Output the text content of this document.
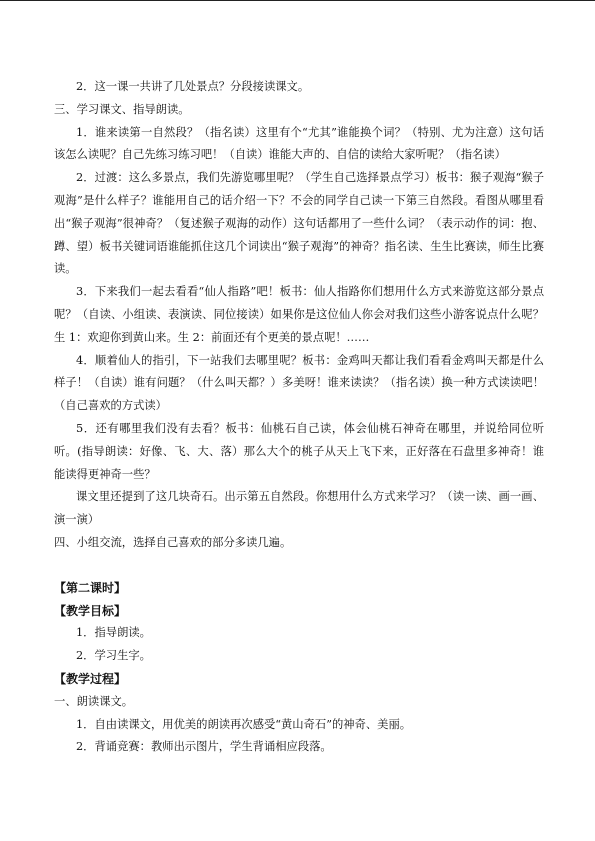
2．这一课一共讲了几处景点？分段接读课文。

三、学习课文、指导朗读。

1．谁来读第一自然段？（指名读）这里有个“尤其”谁能换个词？（特别、尤为注意）这句话该怎么读呢？自己先练习练习吧！（自读）谁能大声的、自信的读给大家听呢？（指名读）

2．过渡：这么多景点，我们先游览哪里呢？（学生自己选择景点学习）板书：猴子观海“猴子观海”是什么样子？谁能用自己的话介绍一下？不会的同学自己读一下第三自然段。看图从哪里看出“猴子观海”很神奇？（复述猴子观海的动作）这句话都用了一些什么词？（表示动作的词：抱、蹲、望）板书关键词语谁能抓住这几个词读出“猴子观海”的神奇？指名读、生生比赛读，师生比赛读。

3．下来我们一起去看看“仙人指路”吧！板书：仙人指路你们想用什么方式来游览这部分景点呢？（自读、小组读、表演读、同位接读）如果你是这位仙人你会对我们这些小游客说点什么呢？生 1：欢迎你到黄山来。生 2：前面还有个更美的景点呢！……

4．顺着仙人的指引，下一站我们去哪里呢？板书：金鸡叫天都让我们看看金鸡叫天都是什么样子！（自读）谁有问题？（什么叫天都？）多美呀！谁来读读？（指名读）换一种方式读读吧！（自己喜欢的方式读）

5．还有哪里我们没有去看？板书：仙桃石自己读，体会仙桃石神奇在哪里，并说给同位听听。(指导朗读：好像、飞、大、落）那么大个的桃子从天上飞下来，正好落在石盘里多神奇！谁能读得更神奇一些？

课文里还提到了这几块奇石。出示第五自然段。你想用什么方式来学习？（读一读、画一画、演一演）

四、小组交流，选择自己喜欢的部分多读几遍。

【第二课时】

【教学目标】

1．指导朗读。

2．学习生字。

【教学过程】

一、朗读课文。

1．自由读课文，用优美的朗读再次感受“黄山奇石”的神奇、美丽。

2．背诵竞赛：教师出示图片，学生背诵相应段落。
